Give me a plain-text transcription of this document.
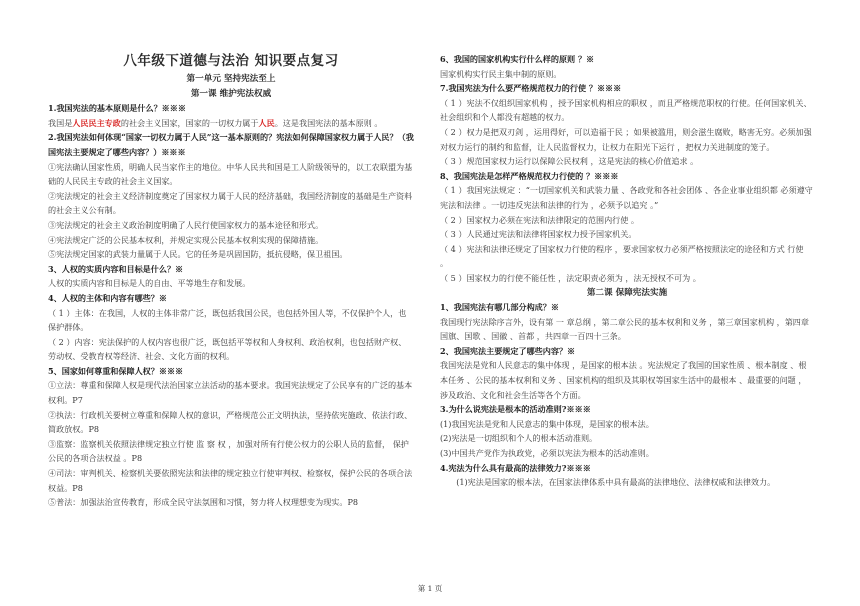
八年级下道德与法治 知识要点复习
第一单元 坚持宪法至上
第一课 维护宪法权威
1.我国宪法的基本原则是什么？※※※
我国是人民民主专政的社会主义国家，国家的一切权力属于人民。这是我国宪法的基本原则 。
2.我国宪法如何体现“国家一切权力属于人民”这一基本原则的？宪法如何保障国家权力属于人民？（我国宪法主要规定了哪些内容？）※※※
①宪法确认国家性质，明确人民当家作主的地位。中华人民共和国是工人阶级领导的，以工农联盟为基础的人民民主专政的社会主义国家。
②宪法规定的社会主义经济制度奠定了国家权力属于人民的经济基础，我国经济制度的基础是生产资料的社会主义公有制。
③宪法规定的社会主义政治制度明确了人民行使国家权力的基本途径和形式。
④宪法规定广泛的公民基本权利，并规定实现公民基本权利实现的保障措施。
⑤宪法规定国家的武装力量属于人民。它的任务是巩固国防，抵抗侵略，保卫祖国。
3、人权的实质内容和目标是什么？※
人权的实质内容和目标是人的自由、平等地生存和发展。
4、人权的主体和内容有哪些？※
（ 1 ）主体：在我国，人权的主体非常广泛，既包括我国公民，也包括外国人等，不仅保护个人，也保护群体。
（ 2 ）内容：宪法保护的人权内容也很广泛，既包括平等权和人身权利、政治权利，也包括财产权、劳动权、受教育权等经济、社会、文化方面的权利。
5、国家如何尊重和保障人权？※※※
①立法：尊重和保障人权是现代法治国家立法活动的基本要求。我国宪法规定了公民享有的广泛的基本权利。P7
②执法：行政机关要树立尊重和保障人权的意识，严格规范公正文明执法，坚持依宪施政、依法行政、简政放权。P8
③监察：监察机关依照法律规定独立行使 监 察 权 ，加强对所有行使公权力的公职人员的监督， 保护公民的各项合法权益 。P8
④司法：审判机关、检察机关要依照宪法和法律的规定独立行使审判权、检察权，保护公民的各项合法权益。P8
⑤普法：加强法治宣传教育，形成全民守法氛围和习惯，努力将人权理想变为现实。P8
6、我国的国家机构实行什么样的原则 ？※
国家机构实行民主集中制的原则。
7.我国宪法为什么要严格规范权力的行使 ？※※※
（ 1 ）宪法不仅组织国家机构 ，授予国家机构相应的职权 ，而且严格规范职权的行使。任何国家机关、社会组织和个人都没有超越的权力。
（ 2 ）权力是把双刃剑 ，运用得好，可以造福于民 ；如果被滥用，则会滋生腐败，略害无穷。必须加强对权力运行的制约和监督，让人民监督权力，让权力在阳光下运行 ，把权力关进制度的笼子。
（ 3 ）规范国家权力运行以保障公民权利 ，这是宪法的核心价值追求 。
8、我国宪法是怎样严格规范权力行使的 ？※※※
（ 1 ）我国宪法规定 ：“一切国家机关和武装力量 、各政党和各社会团体 、各企业事业组织都 必须遵守宪法和法律 。一切违反宪法和法律的行为 ，必须予以追究 。”
（ 2 ）国家权力必须在宪法和法律限定的范围内行使 。
（ 3 ）人民通过宪法和法律将国家权力授予国家机关。
（ 4 ）宪法和法律还规定了国家权力行使的程序 ，要求国家权力必须严格按照法定的途径和方式 行使 。
（ 5 ）国家权力的行使不能任性 ，法定职责必须为 ，法无授权不可为 。
第二课 保障宪法实施
1、我国宪法有哪几部分构成？※
我国现行宪法除序言外，设有第 一 章总纲 ，第二章公民的基本权利和义务 ，第三章国家机构 ，第四章 国旗、国歌 、国徽 、首都 ，共四章一百四十三条。
2、我国宪法主要规定了哪些内容？※
我国宪法是党和人民意志的集中体现 ，是国家的根本法 。宪法规定了我国的国家性质 、根本制度 、根本任务 、公民的基本权利和义务 、国家机构的组织及其职权等国家生活中的最根本 、最重要的问题 ，涉及政治、文化和社会生活等各个方面。
3.为什么说宪法是根本的活动准则?※※※
(1)我国宪法是党和人民意志的集中体现，是国家的根本法。
(2)宪法是一切组织和个人的根本活动准则。
(3)中国共产党作为执政党，必须以宪法为根本的活动准则。
4.宪法为什么具有最高的法律效力?※※※
(1)宪法是国家的根本法，在国家法律体系中具有最高的法律地位、法律权威和法律效力。
第 1 页
